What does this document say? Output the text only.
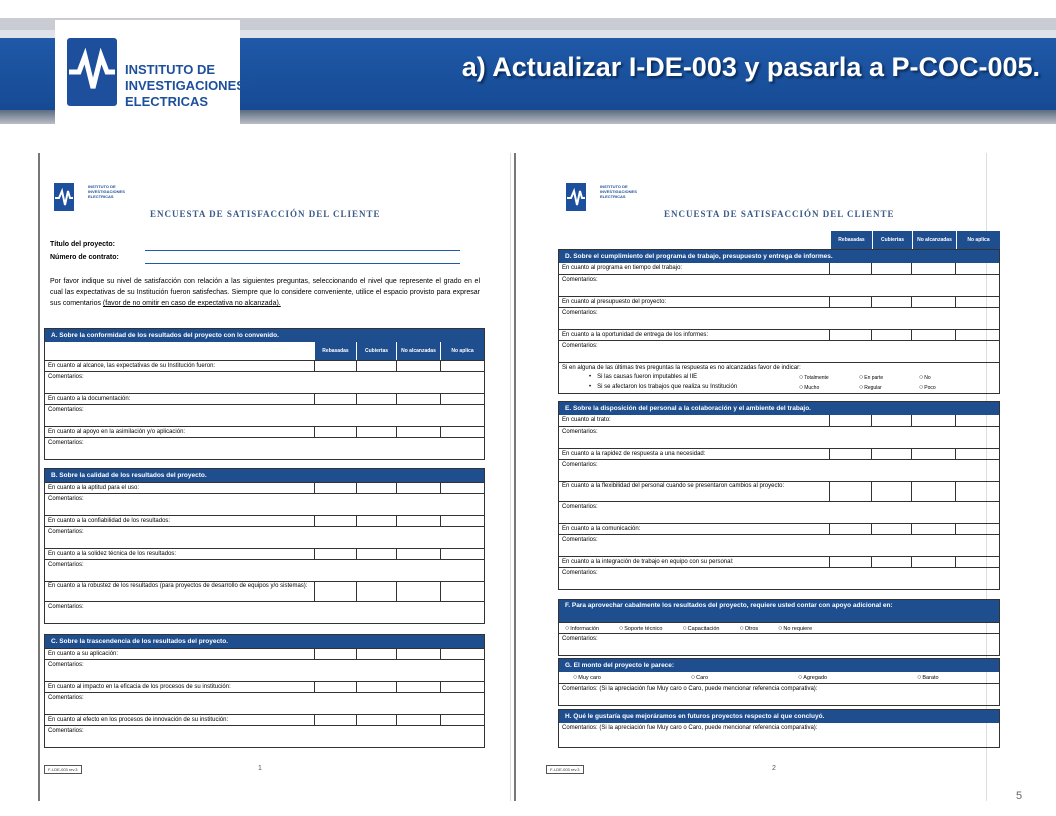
INSTITUTO DE
INVESTIGACIONES
ELECTRICAS
a) Actualizar I-DE-003 y pasarla a P-COC-005.
INSTITUTO DE
INVESTIGACIONES
ELECTRICAS
ENCUESTA DE SATISFACCIÓN DEL CLIENTE
Título del proyecto:
Número de contrato:
Por favor indique su nivel de satisfacción con relación a las siguientes preguntas, seleccionando el nivel que represente el grado en el cual las expectativas de su Institución fueron satisfechas. Siempre que lo considere conveniente, utilice el espacio provisto para expresar sus comentarios (favor de no omitir en caso de expectativa no alcanzada).
A. Sobre la conformidad de los resultados del proyecto con lo convenido.
Rebasadas	Cubiertas	No alcanzadas	No aplica
En cuanto al alcance, las expectativas de su Institución fueron:
Comentarios:
En cuanto a la documentación:
Comentarios:
En cuanto al apoyo en la asimilación y/o aplicación:
Comentarios:
B. Sobre la calidad de los resultados del proyecto.
En cuanto a la aptitud para el uso:
Comentarios:
En cuanto a la confiabilidad de los resultados:
Comentarios:
En cuanto a la solidez técnica de los resultados:
Comentarios:
En cuanto a la robustez de los resultados (para proyectos de desarrollo de equipos y/o sistemas):
Comentarios:
C. Sobre la trascendencia de los resultados del proyecto.
En cuanto a su aplicación:
Comentarios:
En cuanto al impacto en la eficacia de los procesos de su institución:
Comentarios:
En cuanto al efecto en los procesos de innovación de su institución:
Comentarios:
F-I-DE-003 rev.3	1
INSTITUTO DE
INVESTIGACIONES
ELECTRICAS
ENCUESTA DE SATISFACCIÓN DEL CLIENTE
Rebasadas	Cubiertas	No alcanzadas	No aplica
D. Sobre el cumplimiento del programa de trabajo, presupuesto y entrega de informes.
En cuanto al programa en tiempo del trabajo:
Comentarios:
En cuanto al presupuesto del proyecto:
Comentarios:
En cuanto a la oportunidad de entrega de los informes:
Comentarios:
Si en alguna de las últimas tres preguntas la respuesta es no alcanzadas favor de indicar:
• Si las causas fueron imputables al IIE	○ Totalmente	○ En parte	○ No
• Si se afectaron los trabajos que realiza su Institución	○ Mucho	○ Regular	○ Poco
E. Sobre la disposición del personal a la colaboración y el ambiente del trabajo.
En cuanto al trato:
Comentarios:
En cuanto a la rapidez de respuesta a una necesidad:
Comentarios:
En cuanto a la flexibilidad del personal cuando se presentaron cambios al proyecto:
Comentarios:
En cuanto a la comunicación:
Comentarios:
En cuanto a la integración de trabajo en equipo con su personal:
Comentarios:
F. Para aprovechar cabalmente los resultados del proyecto, requiere usted contar con apoyo adicional en:
○ Información	○ Soporte técnico	○ Capacitación	○ Otros	○ No requiere
Comentarios:
G. El monto del proyecto le parece:
○ Muy caro	○ Caro	○ Agregado	○ Barato
Comentarios: (Si la apreciación fue Muy caro o Caro, puede mencionar referencia comparativa):
H. Qué le gustaría que mejoráramos en futuros proyectos respecto al que concluyó.
Comentarios: (Si la apreciación fue Muy caro o Caro, puede mencionar referencia comparativa):
F-I-DE-003 rev.3	2
5
